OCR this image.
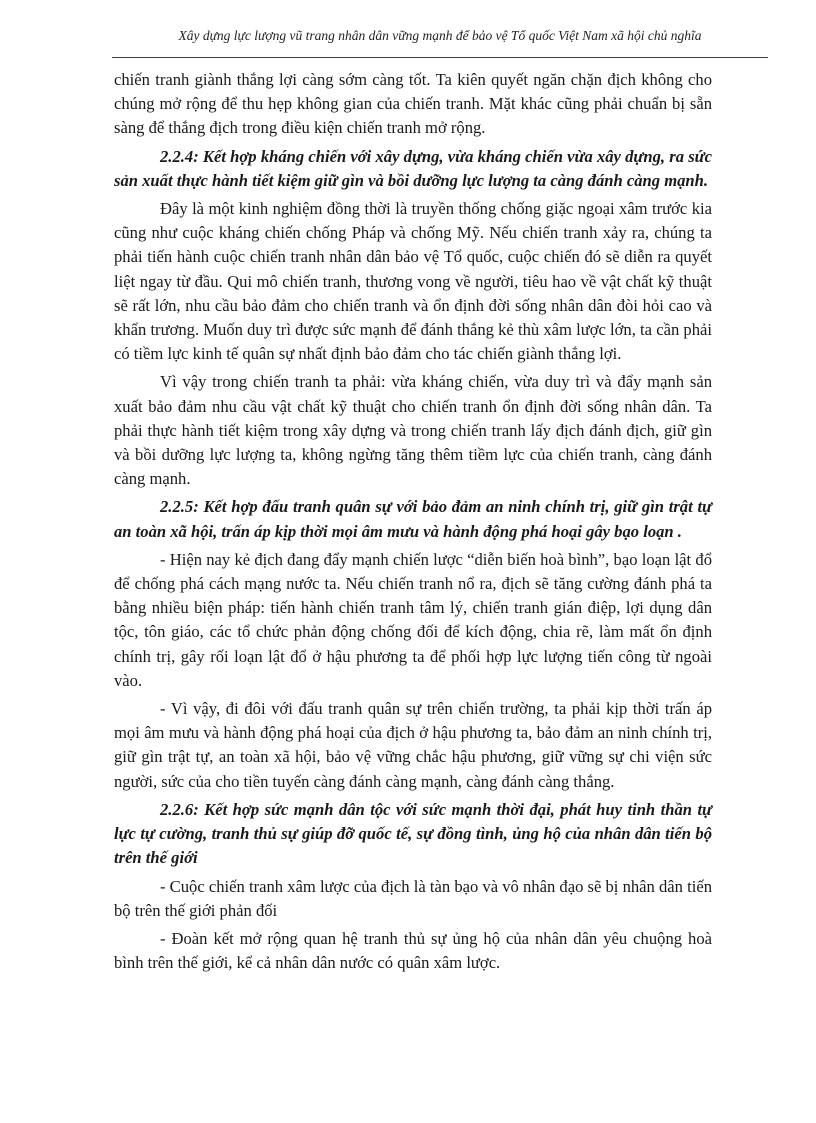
Xây dựng lực lượng vũ trang nhân dân vững mạnh để bảo vệ Tổ quốc Việt Nam xã hội chủ nghĩa

chiến tranh giành thắng lợi càng sớm càng tốt. Ta kiên quyết ngăn chặn địch không cho chúng mở rộng để thu hẹp không gian của chiến tranh. Mặt khác cũng phải chuẩn bị sẵn sàng để thắng địch trong điều kiện chiến tranh mở rộng.

2.2.4: Kết hợp kháng chiến với xây dựng, vừa kháng chiến vừa xây dựng, ra sức sản xuất thực hành tiết kiệm giữ gìn và bồi dưỡng lực lượng ta càng đánh càng mạnh.

Đây là một kinh nghiệm đồng thời là truyền thống chống giặc ngoại xâm trước kia cũng như cuộc kháng chiến chống Pháp và chống Mỹ. Nếu chiến tranh xảy ra, chúng ta phải tiến hành cuộc chiến tranh nhân dân bảo vệ Tổ quốc, cuộc chiến đó sẽ diễn ra quyết liệt ngay từ đầu. Qui mô chiến tranh, thương vong về người, tiêu hao về vật chất kỹ thuật sẽ rất lớn, nhu cầu bảo đảm cho chiến tranh và ổn định đời sống nhân dân đòi hỏi cao và khẩn trương. Muốn duy trì được sức mạnh để đánh thắng kẻ thù xâm lược lớn, ta cần phải có tiềm lực kinh tế quân sự nhất định bảo đảm cho tác chiến giành thắng lợi.

Vì vậy trong chiến tranh ta phải: vừa kháng chiến, vừa duy trì và đẩy mạnh sản xuất bảo đảm nhu cầu vật chất kỹ thuật cho chiến tranh ổn định đời sống nhân dân. Ta phải thực hành tiết kiệm trong xây dựng và trong chiến tranh lấy địch đánh địch, giữ gìn và bồi dưỡng lực lượng ta, không ngừng tăng thêm tiềm lực của chiến tranh, càng đánh càng mạnh.

2.2.5: Kết hợp đấu tranh quân sự với bảo đảm an ninh chính trị, giữ gìn trật tự an toàn xã hội, trấn áp kịp thời mọi âm mưu và hành động phá hoại gây bạo loạn .

- Hiện nay kẻ địch đang đẩy mạnh chiến lược “diễn biến hoà bình”, bạo loạn lật đổ để chống phá cách mạng nước ta. Nếu chiến tranh nổ ra, địch sẽ tăng cường đánh phá ta bằng nhiều biện pháp: tiến hành chiến tranh tâm lý, chiến tranh gián điệp, lợi dụng dân tộc, tôn giáo, các tổ chức phản động chống đối để kích động, chia rẽ, làm mất ổn định chính trị, gây rối loạn lật đổ ở hậu phương ta để phối hợp lực lượng tiến công từ ngoài vào.

- Vì vậy, đi đôi với đấu tranh quân sự trên chiến trường, ta phải kịp thời trấn áp mọi âm mưu và hành động phá hoại của địch ở hậu phương ta, bảo đảm an ninh chính trị, giữ gìn trật tự, an toàn xã hội, bảo vệ vững chắc hậu phương, giữ vững sự chi viện sức người, sức của cho tiền tuyến càng đánh càng mạnh, càng đánh càng thắng.

2.2.6: Kết hợp sức mạnh dân tộc với sức mạnh thời đại, phát huy tinh thần tự lực tự cường, tranh thủ sự giúp đỡ quốc tế, sự đồng tình, ủng hộ của nhân dân tiến bộ trên thế giới

- Cuộc chiến tranh xâm lược của địch là tàn bạo và vô nhân đạo sẽ bị nhân dân tiến bộ trên thế giới phản đối

- Đoàn kết mở rộng quan hệ tranh thủ sự ủng hộ của nhân dân yêu chuộng hoà bình trên thế giới, kể cả nhân dân nước có quân xâm lược.
